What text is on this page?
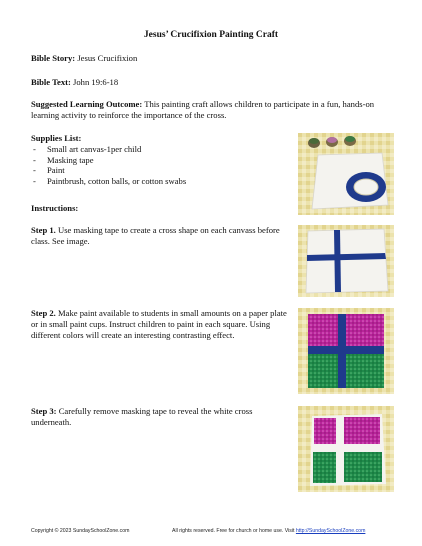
Jesus’ Crucifixion Painting Craft
Bible Story: Jesus Crucifixion
Bible Text: John 19:6-18
Suggested Learning Outcome: This painting craft allows children to participate in a fun, hands-on learning activity to reinforce the importance of the cross.
Supplies List:
- Small art canvas-1per child
- Masking tape
- Paint
- Paintbrush, cotton balls, or cotton swabs
Instructions:
Step 1. Use masking tape to create a cross shape on each canvass before class. See image.
Step 2. Make paint available to students in small amounts on a paper plate or in small paint cups. Instruct children to paint in each square. Using different colors will create an interesting contrasting effect.
Step 3: Carefully remove masking tape to reveal the white cross underneath.
Copyright © 2023 SundaySchoolZone.com	All rights reserved. Free for church or home use. Visit http://SundaySchoolZone.com
